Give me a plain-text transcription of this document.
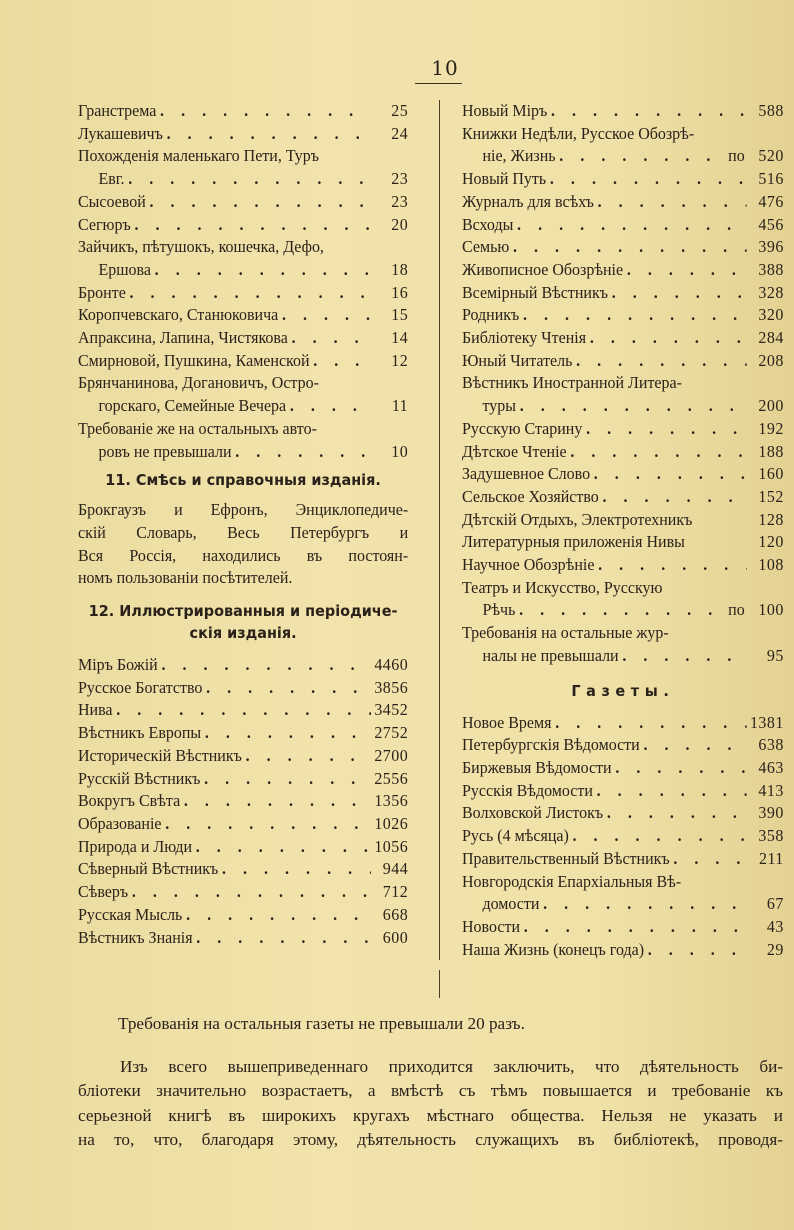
10
Гранстрема . . .	25
Лукашевичъ . . .	24
Похожденія маленькаго Пети, Туръ
Евг. . . .	23
Сысоевой . . .	23
Сегюръ . . .	20
Зайчикъ, пѣтушокъ, кошечка, Дефо,
Ершова . . .	18
Бронте . . .	16
Коропчевскаго, Станюковича . . .	15
Апраксина, Лапина, Чистякова . . .	14
Смирновой, Пушкина, Каменской . . .	12
Брянчанинова, Догановичъ, Остро-
горскаго, Семейные Вечера . . .	11
Требованіе же на остальныхъ авто-
ровъ не превышали . . .	10
11. Смѣсь и справочныя изданія.
Брокгаузъ и Ефронъ, Энциклопедиче-
скій Словарь, Весь Петербургъ и
Вся Россія, находились въ постоян-
номъ пользованіи посѣтителей.
12. Иллюстрированныя и періодиче-
скія изданія.
Міръ Божій . . .	4460
Русское Богатство . . .	3856
Нива . . .	3452
Вѣстникъ Европы . . .	2752
Историческій Вѣстникъ . . .	2700
Русскій Вѣстникъ . . .	2556
Вокругъ Свѣта . . .	1356
Образованіе . . .	1026
Природа и Люди . . .	1056
Сѣверный Вѣстникъ . . .	944
Сѣверъ . . .	712
Русская Мысль . . .	668
Вѣстникъ Знанія . . .	600
Новый Міръ . . .	588
Книжки Недѣли, Русское Обозрѣ-
ніе, Жизнь . . .	по 520
Новый Путь . . .	516
Журналъ для всѣхъ . . .	476
Всходы . . .	456
Семью . . .	396
Живописное Обозрѣніе . . .	388
Всемірный Вѣстникъ . . .	328
Родникъ . . .	320
Библіотеку Чтенія . . .	284
Юный Читатель . . .	208
Вѣстникъ Иностранной Литера-
туры . . .	200
Русскую Старину . . .	192
Дѣтское Чтеніе . . .	188
Задушевное Слово . . .	160
Сельское Хозяйство . . .	152
Дѣтскій Отдыхъ, Электротехникъ	128
Литературныя приложенія Нивы	120
Научное Обозрѣніе . . .	108
Театръ и Искусство, Русскую
Рѣчь . . .	по 100
Требованія на остальные жур-
налы не превышали . . .	95
Газеты.
Новое Время . . .	1381
Петербургскія Вѣдомости . . .	638
Биржевыя Вѣдомости . . .	463
Русскія Вѣдомости . . .	413
Волховской Листокъ . . .	390
Русь (4 мѣсяца) . . .	358
Правительственный Вѣстникъ . . .	211
Новгородскія Епархіальныя Вѣ-
домости . . .	67
Новости . . .	43
Наша Жизнь (конецъ года) . . .	29
Требованія на остальныя газеты не превышали 20 разъ.
Изъ всего вышеприведеннаго приходится заключить, что дѣятельность би-
бліотеки значительно возрастаетъ, а вмѣстѣ съ тѣмъ повышается и требованіе къ
серьезной книгѣ въ широкихъ кругахъ мѣстнаго общества. Нельзя не указать и
на то, что, благодаря этому, дѣятельность служащихъ въ библіотекѣ, проводя-
